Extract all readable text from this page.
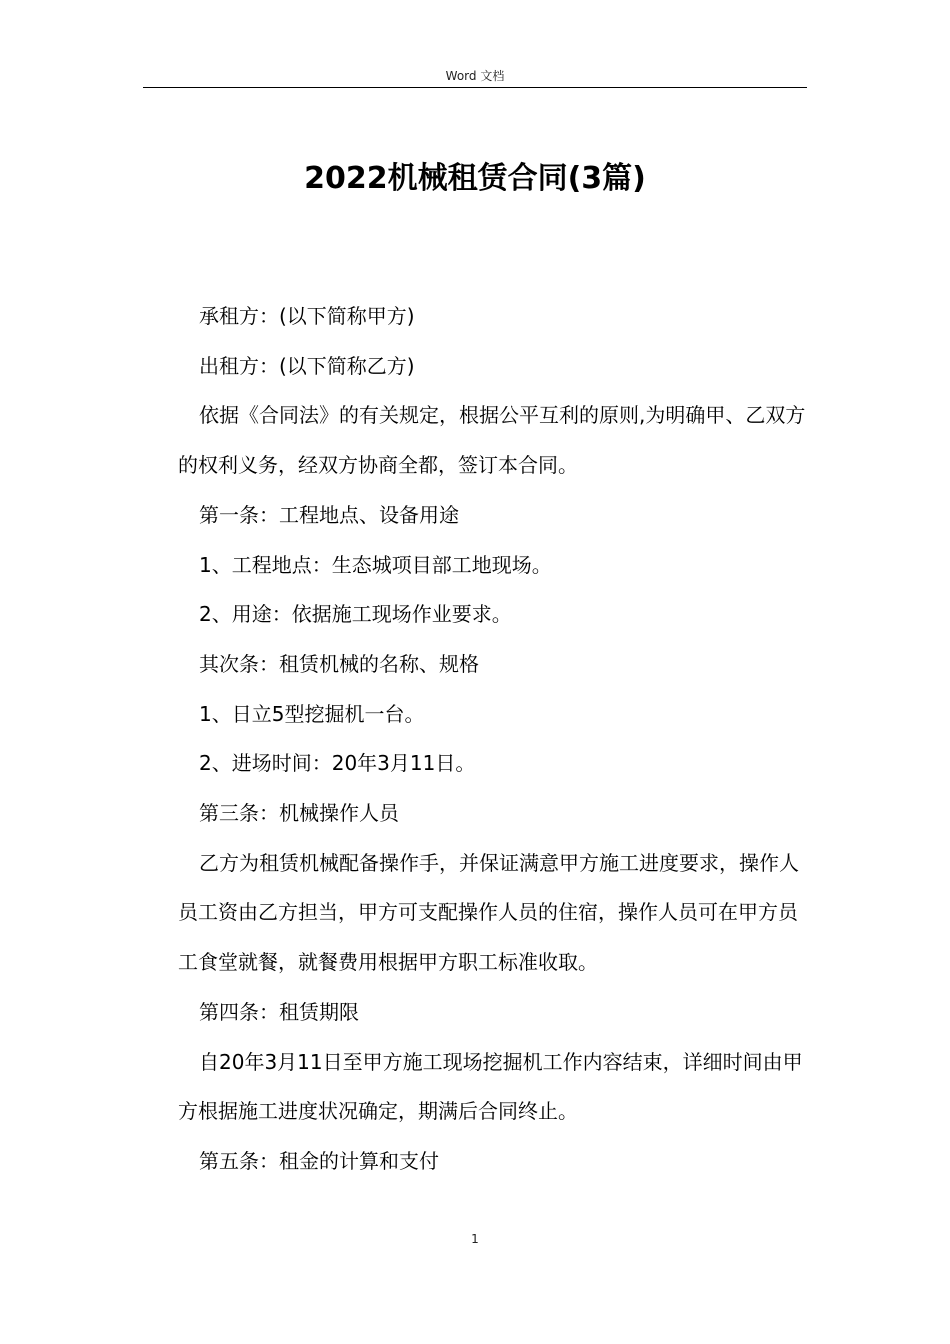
Word 文档
2022机械租赁合同(3篇)

承租方：(以下简称甲方)

出租方：(以下简称乙方)

依据《合同法》的有关规定，根据公平互利的原则,为明确甲、乙双方的权利义务，经双方协商全都，签订本合同。

第一条：工程地点、设备用途

1、工程地点：生态城项目部工地现场。

2、用途：依据施工现场作业要求。

其次条：租赁机械的名称、规格

1、日立5型挖掘机一台。

2、进场时间：20年3月11日。

第三条：机械操作人员

乙方为租赁机械配备操作手，并保证满意甲方施工进度要求，操作人员工资由乙方担当，甲方可支配操作人员的住宿，操作人员可在甲方员工食堂就餐，就餐费用根据甲方职工标准收取。

第四条：租赁期限

自20年3月11日至甲方施工现场挖掘机工作内容结束，详细时间由甲方根据施工进度状况确定，期满后合同终止。

第五条：租金的计算和支付

1
